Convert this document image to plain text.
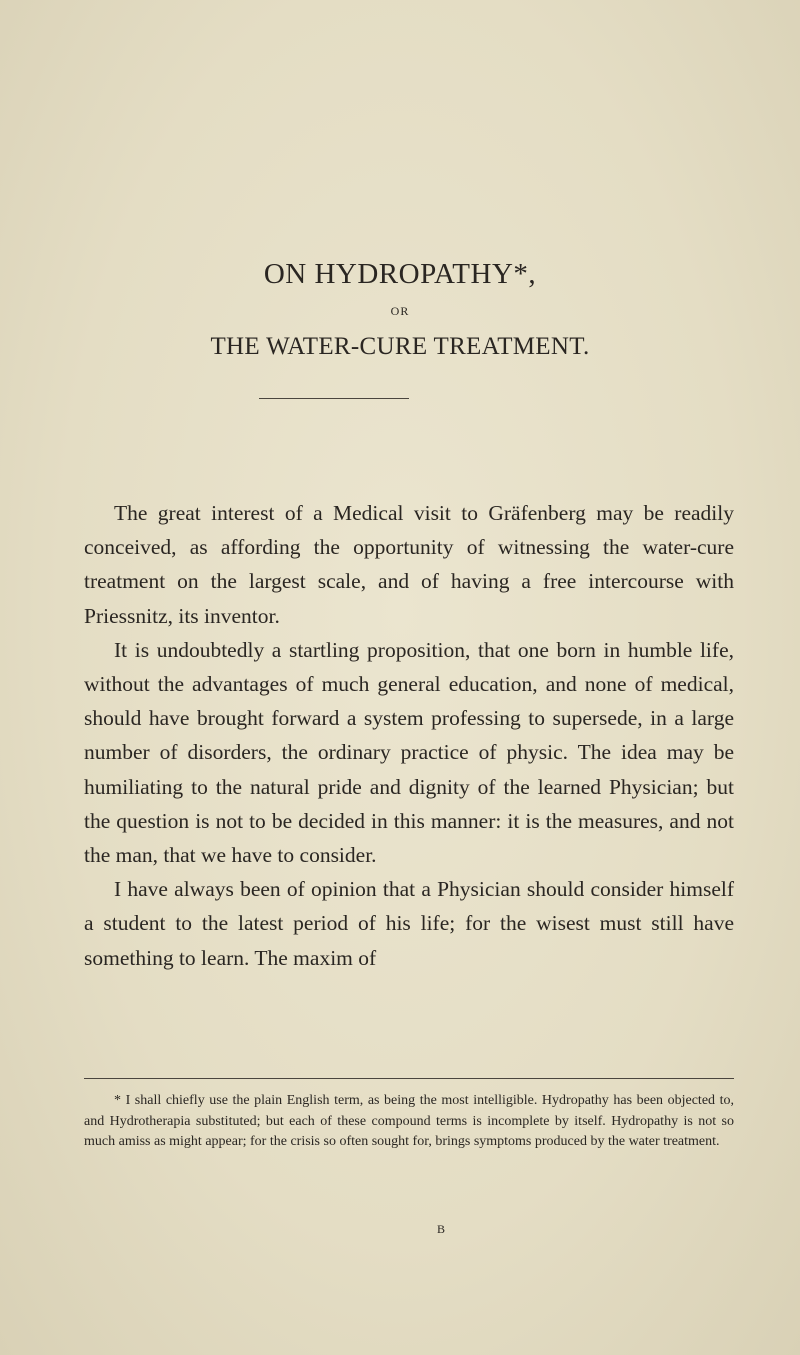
ON HYDROPATHY*,
OR
THE WATER-CURE TREATMENT.

The great interest of a Medical visit to Gräfenberg may be readily conceived, as affording the opportunity of witnessing the water-cure treatment on the largest scale, and of having a free intercourse with Priessnitz, its inventor.

It is undoubtedly a startling proposition, that one born in humble life, without the advantages of much general education, and none of medical, should have brought forward a system professing to supersede, in a large number of disorders, the ordinary practice of physic. The idea may be humiliating to the natural pride and dignity of the learned Physician; but the question is not to be decided in this manner: it is the measures, and not the man, that we have to consider.

I have always been of opinion that a Physician should consider himself a student to the latest period of his life; for the wisest must still have something to learn. The maxim of

* I shall chiefly use the plain English term, as being the most intelligible. Hydropathy has been objected to, and Hydrotherapia substituted; but each of these compound terms is incomplete by itself. Hydropathy is not so much amiss as might appear; for the crisis so often sought for, brings symptoms produced by the water treatment.

B
